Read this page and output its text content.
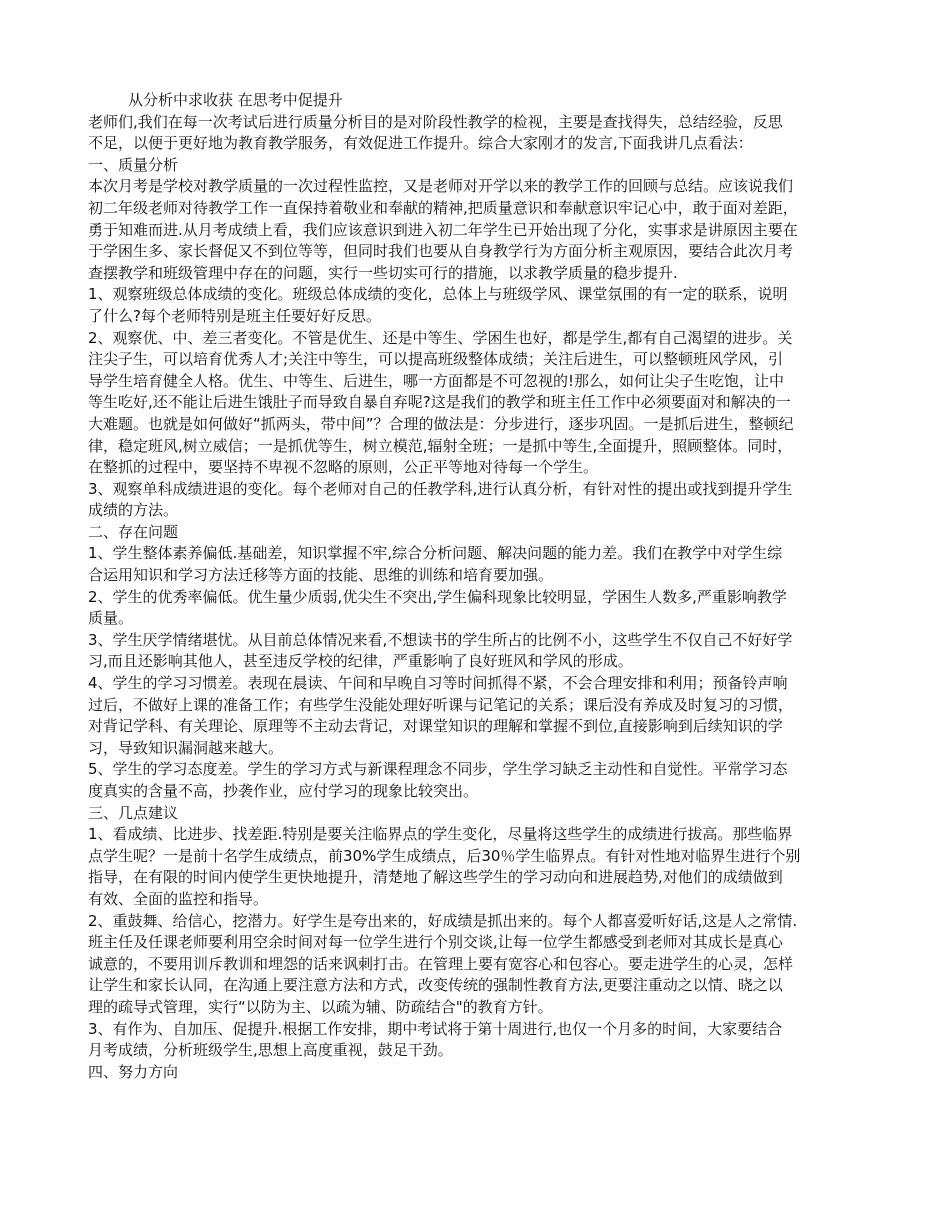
从分析中求收获 在思考中促提升
老师们,我们在每一次考试后进行质量分析目的是对阶段性教学的检视，主要是查找得失，总结经验，反思
不足，以便于更好地为教育教学服务，有效促进工作提升。综合大家刚才的发言,下面我讲几点看法：
一、质量分析
本次月考是学校对教学质量的一次过程性监控，又是老师对开学以来的教学工作的回顾与总结。应该说我们
初二年级老师对待教学工作一直保持着敬业和奉献的精神,把质量意识和奉献意识牢记心中，敢于面对差距，
勇于知难而进.从月考成绩上看，我们应该意识到进入初二年学生已开始出现了分化，实事求是讲原因主要在
于学困生多、家长督促又不到位等等，但同时我们也要从自身教学行为方面分析主观原因，要结合此次月考
查摆教学和班级管理中存在的问题，实行一些切实可行的措施，以求教学质量的稳步提升.
1、观察班级总体成绩的变化。班级总体成绩的变化，总体上与班级学风、课堂氛围的有一定的联系，说明
了什么?每个老师特别是班主任要好好反思。
2、观察优、中、差三者变化。不管是优生、还是中等生、学困生也好，都是学生,都有自己渴望的进步。关
注尖子生，可以培育优秀人才;关注中等生，可以提高班级整体成绩；关注后进生，可以整顿班风学风，引
导学生培育健全人格。优生、中等生、后进生，哪一方面都是不可忽视的!那么，如何让尖子生吃饱，让中
等生吃好,还不能让后进生饿肚子而导致自暴自弃呢?这是我们的教学和班主任工作中必须要面对和解决的一
大难题。也就是如何做好“抓两头，带中间”？合理的做法是：分步进行，逐步巩固。一是抓后进生，整顿纪
律，稳定班风,树立威信；一是抓优等生，树立模范,辐射全班；一是抓中等生,全面提升，照顾整体。同时，
在整抓的过程中，要坚持不卑视不忽略的原则，公正平等地对待每一个学生。
3、观察单科成绩进退的变化。每个老师对自己的任教学科,进行认真分析，有针对性的提出或找到提升学生
成绩的方法。
二、存在问题
1、学生整体素养偏低.基础差，知识掌握不牢,综合分析问题、解决问题的能力差。我们在教学中对学生综
合运用知识和学习方法迁移等方面的技能、思维的训练和培育要加强。
2、学生的优秀率偏低。优生量少质弱,优尖生不突出,学生偏科现象比较明显，学困生人数多,严重影响教学
质量。
3、学生厌学情绪堪忧。从目前总体情况来看,不想读书的学生所占的比例不小，这些学生不仅自己不好好学
习,而且还影响其他人，甚至违反学校的纪律，严重影响了良好班风和学风的形成。
4、学生的学习习惯差。表现在晨读、午间和早晚自习等时间抓得不紧，不会合理安排和利用；预备铃声响
过后，不做好上课的准备工作；有些学生没能处理好听课与记笔记的关系；课后没有养成及时复习的习惯，
对背记学科、有关理论、原理等不主动去背记，对课堂知识的理解和掌握不到位,直接影响到后续知识的学
习，导致知识漏洞越来越大。
5、学生的学习态度差。学生的学习方式与新课程理念不同步，学生学习缺乏主动性和自觉性。平常学习态
度真实的含量不高，抄袭作业，应付学习的现象比较突出。
三、几点建议
1、看成绩、比进步、找差距.特别是要关注临界点的学生变化，尽量将这些学生的成绩进行拔高。那些临界
点学生呢？一是前十名学生成绩点，前30%学生成绩点，后30％学生临界点。有针对性地对临界生进行个别
指导，在有限的时间内使学生更快地提升，清楚地了解这些学生的学习动向和进展趋势,对他们的成绩做到
有效、全面的监控和指导。
2、重鼓舞、给信心，挖潜力。好学生是夸出来的，好成绩是抓出来的。每个人都喜爱听好话,这是人之常情.
班主任及任课老师要利用空余时间对每一位学生进行个别交谈,让每一位学生都感受到老师对其成长是真心
诚意的，不要用训斥教训和埋怨的话来讽刺打击。在管理上要有宽容心和包容心。要走进学生的心灵，怎样
让学生和家长认同，在沟通上要注意方法和方式，改变传统的强制性教育方法,更要注重动之以情、晓之以
理的疏导式管理，实行“以防为主、以疏为辅、防疏结合"的教育方针。
3、有作为、自加压、促提升.根据工作安排，期中考试将于第十周进行,也仅一个月多的时间，大家要结合
月考成绩，分析班级学生,思想上高度重视，鼓足干劲。
四、努力方向
